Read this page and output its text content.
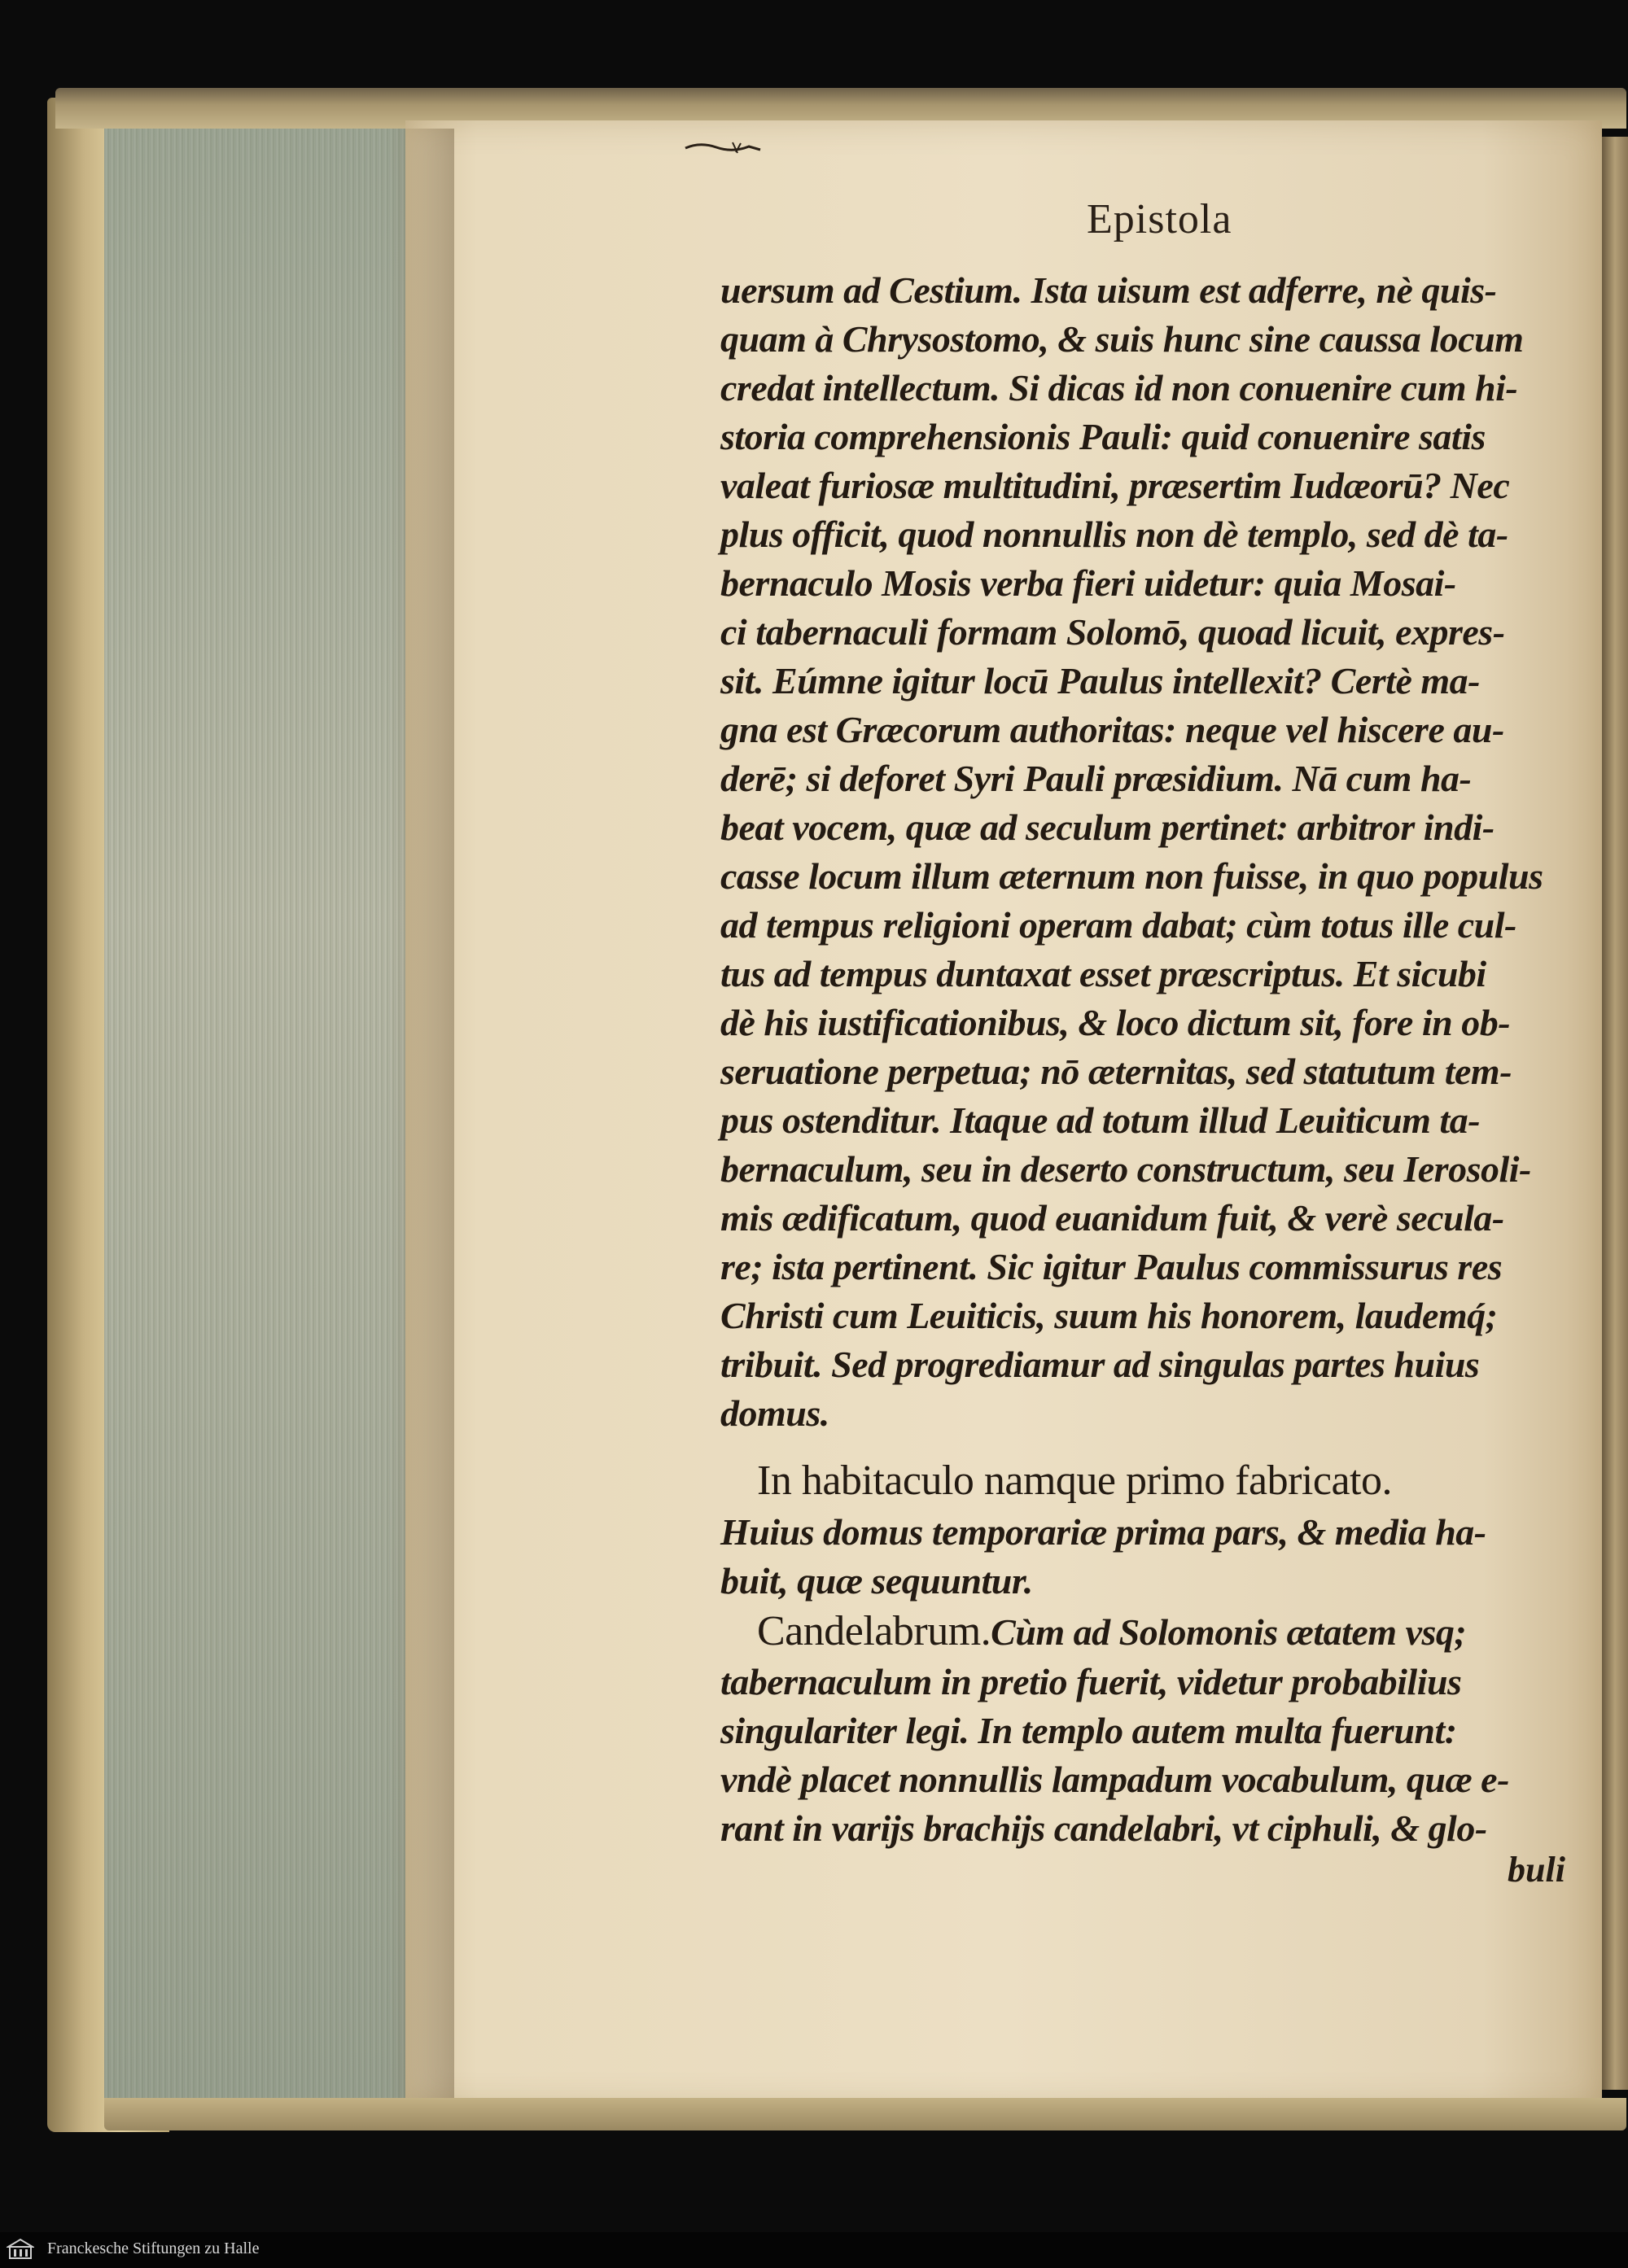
Epistola
uersum ad Cestium. Ista uisum est adferre, nè quis-
quam à Chrysostomo, & suis hunc sine caussa locum
credat intellectum. Si dicas id non conuenire cum hi-
storia comprehensionis Pauli: quid conuenire satis
valeat furiosæ multitudini, præsertim Iudæorū? Nec
plus officit, quod nonnullis non dè templo, sed dè ta-
bernaculo Mosis verba fieri uidetur: quia Mosai-
ci tabernaculi formam Solomō, quoad licuit, expres-
sit. Eúmne igitur locū Paulus intellexit? Certè ma-
gna est Græcorum authoritas: neque vel hiscere au-
derē; si deforet Syri Pauli præsidium. Nā cum ha-
beat vocem, quæ ad seculum pertinet: arbitror indi-
casse locum illum æternum non fuisse, in quo populus
ad tempus religioni operam dabat; cùm totus ille cul-
tus ad tempus duntaxat esset præscriptus. Et sicubi
dè his iustificationibus, & loco dictum sit, fore in ob-
seruatione perpetua; nō æternitas, sed statutum tem-
pus ostenditur. Itaque ad totum illud Leuiticum ta-
bernaculum, seu in deserto constructum, seu Ierosoli-
mis ædificatum, quod euanidum fuit, & verè secula-
re; ista pertinent. Sic igitur Paulus commissurus res
Christi cum Leuiticis, suum his honorem, laudemq́;
tribuit. Sed progrediamur ad singulas partes huius
domus.
In habitaculo namque primo fabricato.
Huius domus temporariæ prima pars, & media ha-
buit, quæ sequuntur.
Candelabrum.Cùm ad Solomonis ætatem vsq;
tabernaculum in pretio fuerit, videtur probabilius
singulariter legi. In templo autem multa fuerunt:
vndè placet nonnullis lampadum vocabulum, quæ e-
rant in varijs brachijs candelabri, vt ciphuli, & glo-
buli
Franckesche Stiftungen zu Halle
